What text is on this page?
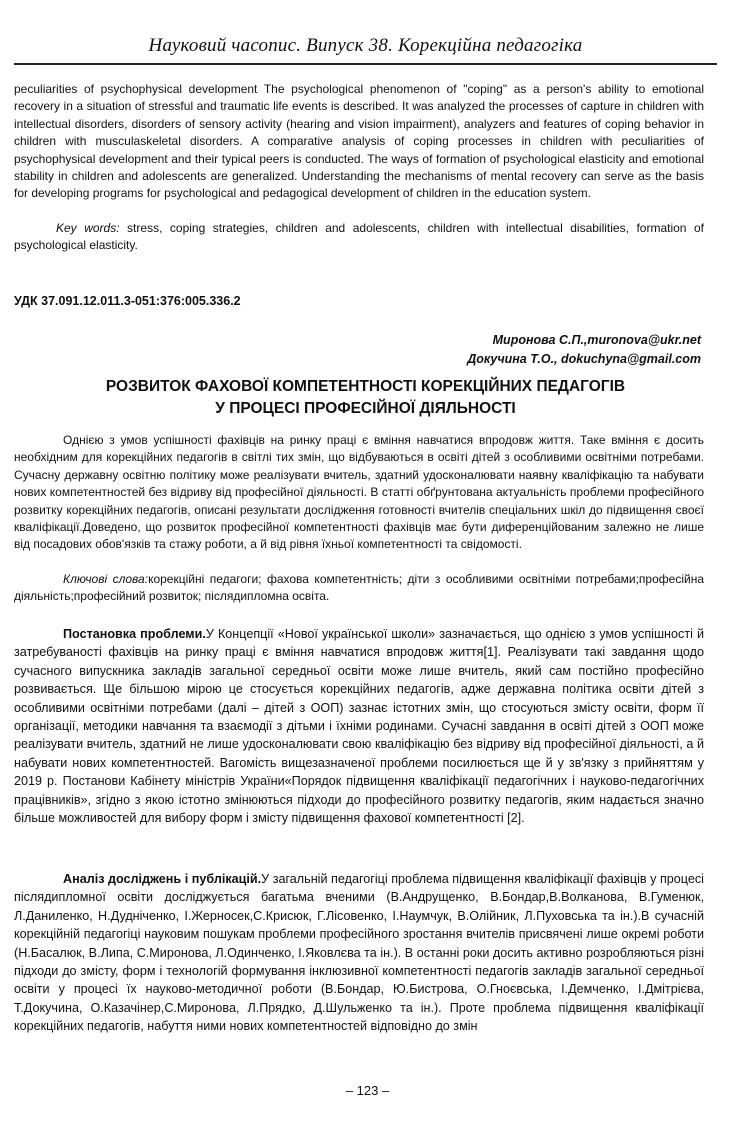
Науковий часопис. Випуск 38. Корекційна педагогіка

peculiarities of psychophysical development The psychological phenomenon of "coping" as a person's ability to emotional recovery in a situation of stressful and traumatic life events is described. It was analyzed the processes of capture in children with intellectual disorders, disorders of sensory activity (hearing and vision impairment), analyzers and features of coping behavior in children with musculaskeletal disorders. A comparative analysis of coping processes in children with peculiarities of psychophysical development and their typical peers is conducted. The ways of formation of psychological elasticity and emotional stability in children and adolescents are generalized. Understanding the mechanisms of mental recovery can serve as the basis for developing programs for psychological and pedagogical development of children in the education system.

Key words: stress, coping strategies, children and adolescents, children with intellectual disabilities, formation of psychological elasticity.

УДК 37.091.12.011.3-051:376:005.336.2
Миронова С.П.,muronova@ukr.net
Докучина Т.О., dokuchyna@gmail.com
РОЗВИТОК ФАХОВОЇ КОМПЕТЕНТНОСТІ КОРЕКЦІЙНИХ ПЕДАГОГІВ
У ПРОЦЕСІ ПРОФЕСІЙНОЇ ДІЯЛЬНОСТІ

Однією з умов успішності фахівців на ринку праці є вміння навчатися впродовж життя. Таке вміння є досить необхідним для корекційних педагогів в світлі тих змін, що відбуваються в освіті дітей з особливими освітніми потребами. Сучасну державну освітню політику може реалізувати вчитель, здатний удосконалювати наявну кваліфікацію та набувати нових компетентностей без відриву від професійної діяльності. В статті обґрунтована актуальність проблеми професійного розвитку корекційних педагогів, описані результати дослідження готовності вчителів спеціальних шкіл до підвищення своєї кваліфікації.Доведено, що розвиток професійної компетентності фахівців має бути диференційованим залежно не лише від посадових обов'язків та стажу роботи, а й від рівня їхньої компетентності та свідомості.

Ключові слова:корекційні педагоги; фахова компетентність; діти з особливими освітніми потребами;професійна діяльність;професійний розвиток; післядипломна освіта.

Постановка проблеми.У Концепції «Нової української школи» зазначається, що однією з умов успішності й затребуваності фахівців на ринку праці є вміння навчатися впродовж життя[1]. Реалізувати такі завдання щодо сучасного випускника закладів загальної середньої освіти може лише вчитель, який сам постійно професійно розвивається. Ще більшою мірою це стосується корекційних педагогів, адже державна політика освіти дітей з особливими освітніми потребами (далі – дітей з ООП) зазнає істотних змін, що стосуються змісту освіти, форм її організації, методики навчання та взаємодії з дітьми і їхніми родинами. Сучасні завдання в освіті дітей з ООП може реалізувати вчитель, здатний не лише удосконалювати свою кваліфікацію без відриву від професійної діяльності, а й набувати нових компетентностей. Вагомість вищезазначеної проблеми посилюється ще й у зв'язку з прийняттям у 2019 р. Постанови Кабінету міністрів України«Порядок підвищення кваліфікації педагогічних і науково-педагогічних працівників», згідно з якою істотно змінюються підходи до професійного розвитку педагогів, яким надається значно більше можливостей для вибору форм і змісту підвищення фахової компетентності [2].

Аналіз досліджень і публікацій.У загальній педагогіці проблема підвищення кваліфікації фахівців у процесі післядипломної освіти досліджується багатьма вченими (В.Андрущенко, В.Бондар,В.Волканова, В.Гуменюк, Л.Даниленко, Н.Дудніченко, І.Жерносек,С.Крисюк, Г.Лісовенко, І.Наумчук, В.Олійник, Л.Пуховська та ін.).В сучасній корекційній педагогіці науковим пошукам проблеми професійного зростання вчителів присвячені лише окремі роботи (Н.Басалюк, В.Липа, С.Миронова, Л.Одинченко, І.Яковлєва та ін.). В останні роки досить активно розробляються різні підходи до змісту, форм і технологій формування інклюзивної компетентності педагогів закладів загальної середньої освіти у процесі їх науково-методичної роботи (В.Бондар, Ю.Бистрова, О.Гноєвська, І.Демченко, І.Дмітрієва, Т.Докучина, О.Казачінер,С.Миронова, Л.Прядко, Д.Шульженко та ін.). Проте проблема підвищення кваліфікації корекційних педагогів, набуття ними нових компетентностей відповідно до змін

– 123 –
